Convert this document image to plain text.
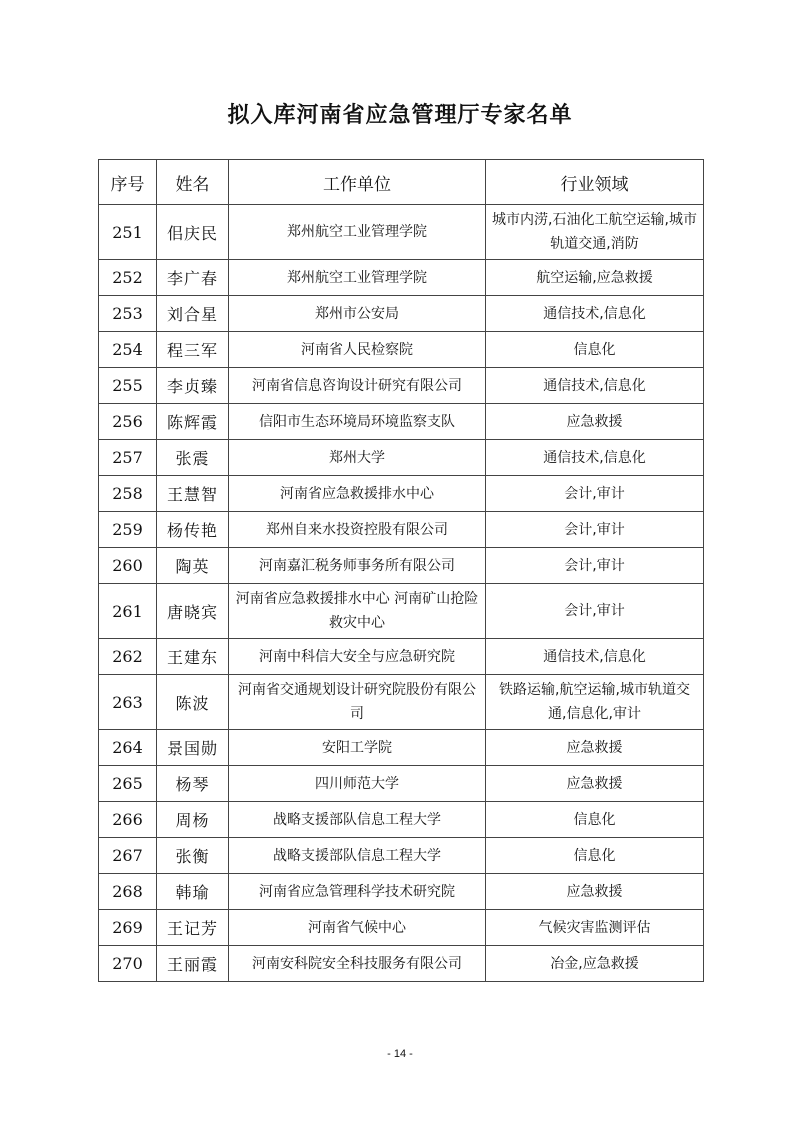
拟入库河南省应急管理厅专家名单
序号	姓名	工作单位	行业领域
251	佀庆民	郑州航空工业管理学院	城市内涝,石油化工航空运输,城市轨道交通,消防
252	李广春	郑州航空工业管理学院	航空运输,应急救援
253	刘合星	郑州市公安局	通信技术,信息化
254	程三军	河南省人民检察院	信息化
255	李贞臻	河南省信息咨询设计研究有限公司	通信技术,信息化
256	陈辉霞	信阳市生态环境局环境监察支队	应急救援
257	张震	郑州大学	通信技术,信息化
258	王慧智	河南省应急救援排水中心	会计,审计
259	杨传艳	郑州自来水投资控股有限公司	会计,审计
260	陶英	河南嘉汇税务师事务所有限公司	会计,审计
261	唐晓宾	河南省应急救援排水中心 河南矿山抢险救灾中心	会计,审计
262	王建东	河南中科信大安全与应急研究院	通信技术,信息化
263	陈波	河南省交通规划设计研究院股份有限公司	铁路运输,航空运输,城市轨道交通,信息化,审计
264	景国勋	安阳工学院	应急救援
265	杨琴	四川师范大学	应急救援
266	周杨	战略支援部队信息工程大学	信息化
267	张衡	战略支援部队信息工程大学	信息化
268	韩瑜	河南省应急管理科学技术研究院	应急救援
269	王记芳	河南省气候中心	气候灾害监测评估
270	王丽霞	河南安科院安全科技服务有限公司	冶金,应急救援
- 14 -
